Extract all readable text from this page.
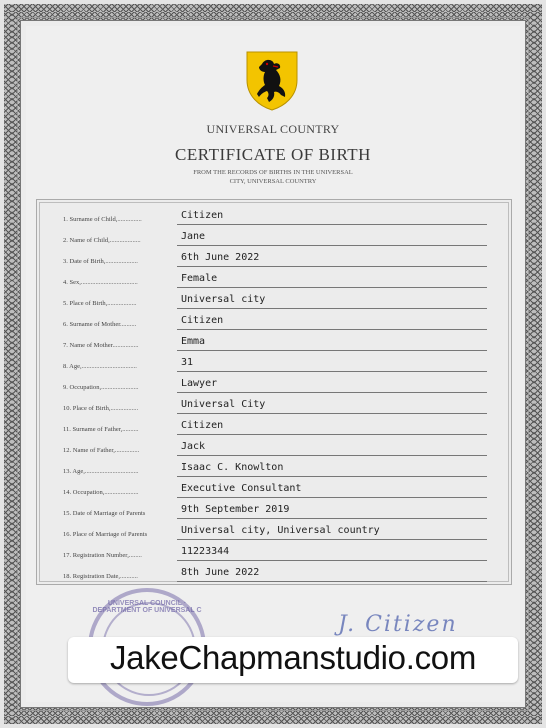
UNIVERSAL COUNTRY
CERTIFICATE OF BIRTH
FROM THE RECORDS OF BIRTHS IN THE UNIVERSAL
CITY, UNIVERSAL COUNTRY
1. Surname of Child,...............	Citizen
2. Name of Child,...................	Jane
3. Date of Birth,....................	6th June 2022
4. Sex,...................................	Female
5. Place of Birth,..................	Universal city
6. Surname of Mother..........	Citizen
7. Name of Mother................	Emma
8. Age,..................................	31
9. Occupation,.......................	Lawyer
10. Place of Birth,.................	Universal City
11. Surname of Father,..........	Citizen
12. Name of Father,...............	Jack
13. Age,.................................	Isaac C. Knowlton
14. Occupation,.....................	Executive Consultant
15. Date of Marriage of Parents	9th September 2019
16. Place of Marriage of Parents	Universal city, Universal country
17. Registration Number,........	11223344
18. Registration Date,...........	8th June 2022
UNIVERSAL COUNCIL · DEPARTMENT OF UNIVERSAL C
J. Citizen
JakeChapmanstudio.com
